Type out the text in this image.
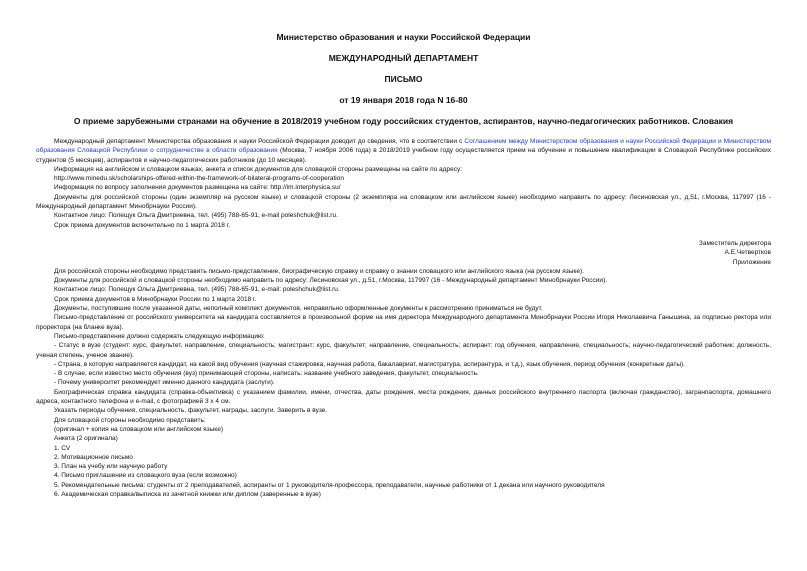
Министерство образования и науки Российской Федерации
МЕЖДУНАРОДНЫЙ ДЕПАРТАМЕНТ
ПИСЬМО
от 19 января 2018 года N 16-80
О приеме зарубежными странами на обучение в 2018/2019 учебном году российских студентов, аспирантов, научно-педагогических работников. Словакия

Международный департамент Министерства образования и науки Российской Федерации доводит до сведения, что в соответствии с Соглашением между Министерством образования и науки Российской Федерации и Министерством образования Словацкой Республики о сотрудничестве в области образования (Москва, 7 ноября 2006 года) в 2018/2019 учебном году осуществляется прием на обучение и повышение квалификации в Словацкой Республике российских студентов (5 месяцев), аспирантов и научно-педагогических работников (до 10 месяцев).

Информация на английском и словацком языках, анкета и список документов для словацкой стороны размещены на сайте по адресу:

http://www.minedu.sk/scholarships-offered-within-the-framework-of-bilateral-programs-of-cooperation

Информация по вопросу заполнения документов размещена на сайте: http://im.interphysica.su/

Документы для российской стороны (один экземпляр на русском языке) и словацкой стороны (2 экземпляра на словацком или английском языке) необходимо направить по адресу: Лесиновская ул., д.51, г.Москва, 117997 (16 - Международный департамент Минобрнауки России).

Контактное лицо: Полещук Ольга Дмитриевна, тел. (495) 788-65-91, e-mail poleshchuk@list.ru.

Срок приема документов включительно по 1 марта 2018 г.

Заместитель директора

А.Е.Четвертков

Приложение

Для российской стороны необходимо представить письмо-представление, биографическую справку и справку о знании словацкого или английского языка (на русском языке).

Документы для российской и словацкой стороны необходимо направить по адресу: Лесиновская ул., д.51, г.Москва, 117997 (16 - Международный департамент Минобрнауки России).

Контактное лицо: Полещук Ольга Дмитриевна, тел. (495) 788-65-91, e-mail: poleshchuk@list.ru.

Срок приема документов в Минобрнауки России по 1 марта 2018 г.

Документы, поступившие после указанной даты, неполный комплект документов, неправильно оформленные документы к рассмотрению приниматься не будут.

Письмо-представление от российского университета на кандидата составляется в произвольной форме на имя директора Международного департамента Минобрнауки России Игоря Николаевича Ганышина, за подписью ректора или проректора (на бланке вуза).

Письмо-представление должно содержать следующую информацию:

- Статус в вузе (студент: курс, факультет, направление, специальность; магистрант: курс, факультет; направление, специальность; аспирант: год обучения, направление, специальность; научно-педагогический работник: должность, ученая степень, ученое звание).

- Страна, в которую направляется кандидат, на какой вид обучения (научная стажировка, научная работа, бакалавриат, магистратура, аспирантура, и т.д.), язык обучения, период обучения (конкретные даты).

- В случае, если известно место обучения (вуз) принимающей стороны, написать: название учебного заведения, факультет, специальность.

- Почему университет рекомендует именно данного кандидата (заслуги).

Биографическая справка кандидата (справка-объективка) с указанием фамилии, имени, отчества, даты рождения, места рождения, данных российского внутреннего паспорта (включая гражданство), загранпаспорта, домашнего адреса, контактного телефона и e-mail, с фотографией 3 х 4 см.

Указать периоды обучения, специальность, факультет, награды, заслуги. Заверить в вузе.

Для словацкой стороны необходимо представить:

(оригинал + копия на словацком или английском языке)

Анкета (2 оригинала)

1. CV

2. Мотивационное письмо

3. План на учебу или научную работу

4. Письмо приглашение из словацкого вуза (если возможно)

5. Рекомендательные письма: студенты от 2 преподавателей, аспиранты от 1 руководителя-профессора, преподаватели, научные работники от 1 декана или научного руководителя

6. Академическая справка/выписка из зачетной книжки или диплом (заверенные в вузе)
